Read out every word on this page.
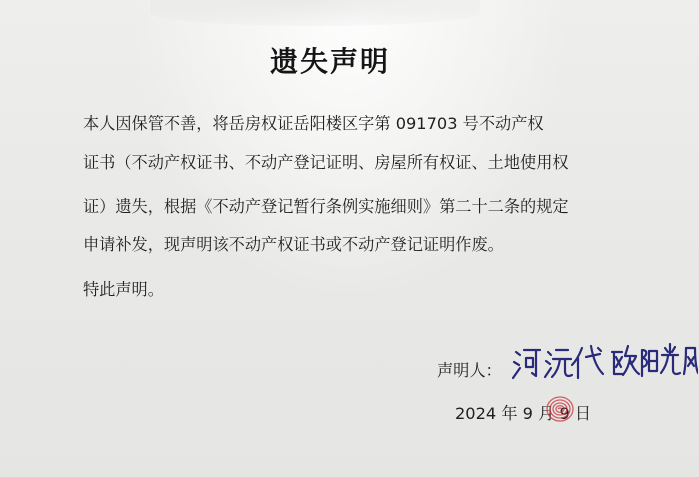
遗失声明
本人因保管不善，将岳房权证岳阳楼区字第 091703 号不动产权
证书（不动产权证书、不动产登记证明、房屋所有权证、土地使用权
证）遗失，根据《不动产登记暂行条例实施细则》第二十二条的规定
申请补发，现声明该不动产权证书或不动产登记证明作废。
特此声明。
声明人：
2024 年 9 月 9 日
